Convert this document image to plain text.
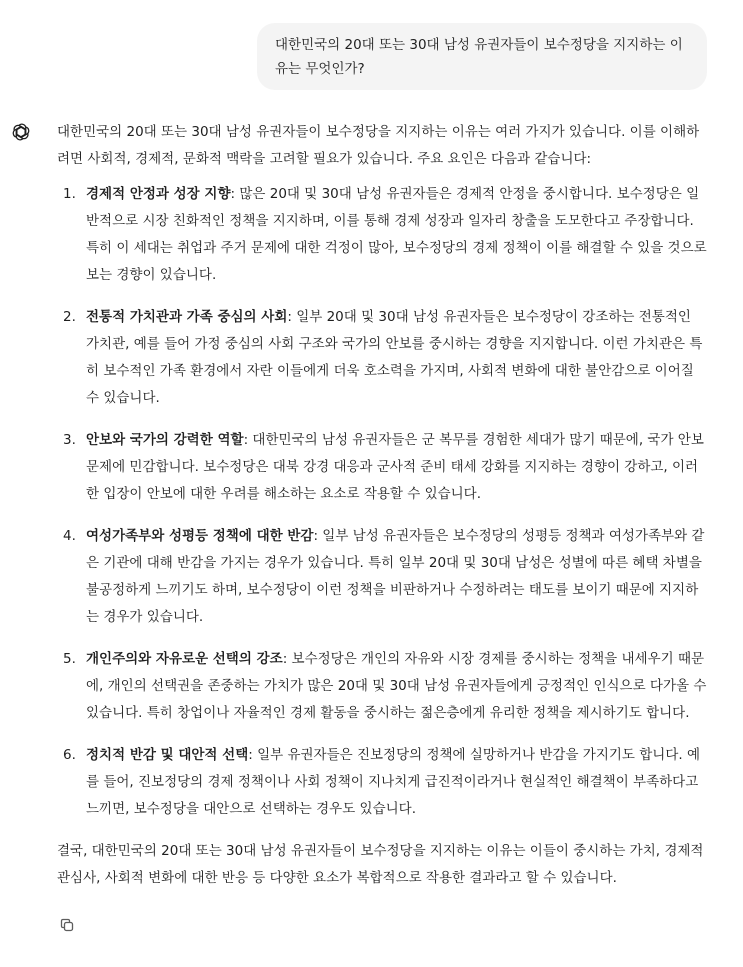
대한민국의 20대 또는 30대 남성 유권자들이 보수정당을 지지하는 이유는 무엇인가?

대한민국의 20대 또는 30대 남성 유권자들이 보수정당을 지지하는 이유는 여러 가지가 있습니다. 이를 이해하려면 사회적, 경제적, 문화적 맥락을 고려할 필요가 있습니다. 주요 요인은 다음과 같습니다:

1. 경제적 안정과 성장 지향: 많은 20대 및 30대 남성 유권자들은 경제적 안정을 중시합니다. 보수정당은 일반적으로 시장 친화적인 정책을 지지하며, 이를 통해 경제 성장과 일자리 창출을 도모한다고 주장합니다. 특히 이 세대는 취업과 주거 문제에 대한 걱정이 많아, 보수정당의 경제 정책이 이를 해결할 수 있을 것으로 보는 경향이 있습니다.
2. 전통적 가치관과 가족 중심의 사회: 일부 20대 및 30대 남성 유권자들은 보수정당이 강조하는 전통적인 가치관, 예를 들어 가정 중심의 사회 구조와 국가의 안보를 중시하는 경향을 지지합니다. 이런 가치관은 특히 보수적인 가족 환경에서 자란 이들에게 더욱 호소력을 가지며, 사회적 변화에 대한 불안감으로 이어질 수 있습니다.
3. 안보와 국가의 강력한 역할: 대한민국의 남성 유권자들은 군 복무를 경험한 세대가 많기 때문에, 국가 안보 문제에 민감합니다. 보수정당은 대북 강경 대응과 군사적 준비 태세 강화를 지지하는 경향이 강하고, 이러한 입장이 안보에 대한 우려를 해소하는 요소로 작용할 수 있습니다.
4. 여성가족부와 성평등 정책에 대한 반감: 일부 남성 유권자들은 보수정당의 성평등 정책과 여성가족부와 같은 기관에 대해 반감을 가지는 경우가 있습니다. 특히 일부 20대 및 30대 남성은 성별에 따른 혜택 차별을 불공정하게 느끼기도 하며, 보수정당이 이런 정책을 비판하거나 수정하려는 태도를 보이기 때문에 지지하는 경우가 있습니다.
5. 개인주의와 자유로운 선택의 강조: 보수정당은 개인의 자유와 시장 경제를 중시하는 정책을 내세우기 때문에, 개인의 선택권을 존중하는 가치가 많은 20대 및 30대 남성 유권자들에게 긍정적인 인식으로 다가올 수 있습니다. 특히 창업이나 자율적인 경제 활동을 중시하는 젊은층에게 유리한 정책을 제시하기도 합니다.
6. 정치적 반감 및 대안적 선택: 일부 유권자들은 진보정당의 정책에 실망하거나 반감을 가지기도 합니다. 예를 들어, 진보정당의 경제 정책이나 사회 정책이 지나치게 급진적이라거나 현실적인 해결책이 부족하다고 느끼면, 보수정당을 대안으로 선택하는 경우도 있습니다.

결국, 대한민국의 20대 또는 30대 남성 유권자들이 보수정당을 지지하는 이유는 이들이 중시하는 가치, 경제적 관심사, 사회적 변화에 대한 반응 등 다양한 요소가 복합적으로 작용한 결과라고 할 수 있습니다.
